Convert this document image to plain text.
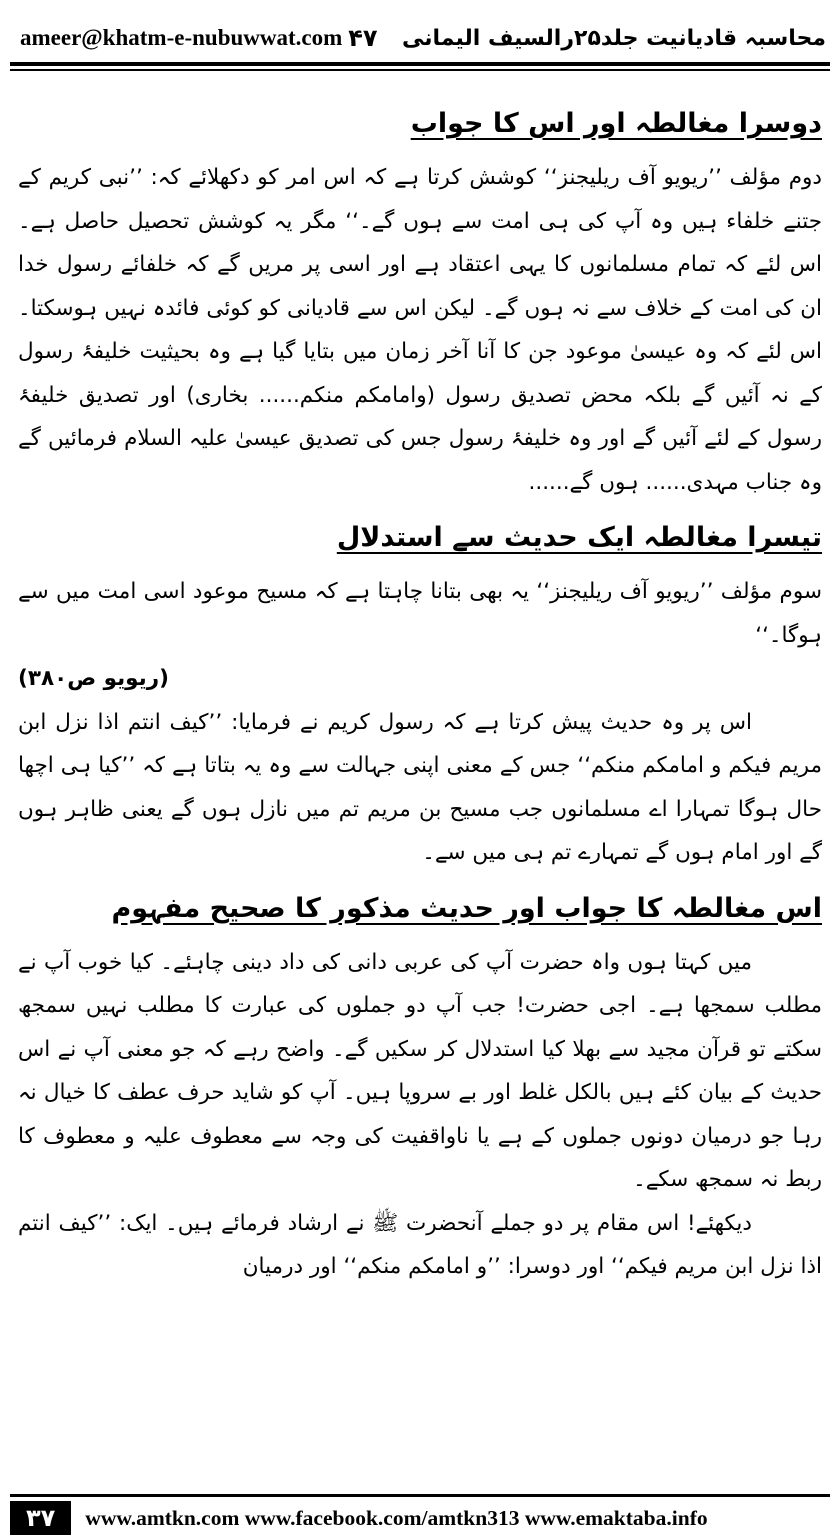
ameer@khatm-e-nubuwwat.com ۴۷ محاسبہ قادیانیت جلد۲۵رالسیف الیمانی
دوسرا مغالطہ اور اس کا جواب

دوم مؤلف ’’ریویو آف ریلیجنز‘‘ کوشش کرتا ہے کہ اس امر کو دکھلائے کہ: ’’نبی کریم کے جتنے خلفاء ہیں وہ آپ کی ہی امت سے ہوں گے۔‘‘ مگر یہ کوشش تحصیل حاصل ہے۔ اس لئے کہ تمام مسلمانوں کا یہی اعتقاد ہے اور اسی پر مریں گے کہ خلفائے رسول خدا ان کی امت کے خلاف سے نہ ہوں گے۔ لیکن اس سے قادیانی کو کوئی فائدہ نہیں ہوسکتا۔ اس لئے کہ وہ عیسیٰ موعود جن کا آنا آخر زمان میں بتایا گیا ہے وہ بحیثیت خلیفۂ رسول کے نہ آئیں گے بلکہ محض تصدیق رسول (وامامکم منکم...... بخاری) اور تصدیق خلیفۂ رسول کے لئے آئیں گے اور وہ خلیفۂ رسول جس کی تصدیق عیسیٰ علیہ السلام فرمائیں گے وہ جناب مہدی...... ہوں گے......

تیسرا مغالطہ ایک حدیث سے استدلال

سوم مؤلف ’’ریویو آف ریلیجنز‘‘ یہ بھی بتانا چاہتا ہے کہ مسیح موعود اسی امت میں سے ہوگا۔‘‘

(ریویو ص۳۸۰)

اس پر وہ حدیث پیش کرتا ہے کہ رسول کریم نے فرمایا: ’’کیف انتم اذا نزل ابن مریم فیکم و امامکم منکم‘‘ جس کے معنی اپنی جہالت سے وہ یہ بتاتا ہے کہ ’’کیا ہی اچھا حال ہوگا تمہارا اے مسلمانوں جب مسیح بن مریم تم میں نازل ہوں گے یعنی ظاہر ہوں گے اور امام ہوں گے تمہارے تم ہی میں سے۔

اس مغالطہ کا جواب اور حدیث مذکور کا صحیح مفہوم

میں کہتا ہوں واہ حضرت آپ کی عربی دانی کی داد دینی چاہئے۔ کیا خوب آپ نے مطلب سمجھا ہے۔ اجی حضرت! جب آپ دو جملوں کی عبارت کا مطلب نہیں سمجھ سکتے تو قرآن مجید سے بھلا کیا استدلال کر سکیں گے۔ واضح رہے کہ جو معنی آپ نے اس حدیث کے بیان کئے ہیں بالکل غلط اور بے سروپا ہیں۔ آپ کو شاید حرف عطف کا خیال نہ رہا جو درمیان دونوں جملوں کے ہے یا ناواقفیت کی وجہ سے معطوف علیہ و معطوف کا ربط نہ سمجھ سکے۔

دیکھئے! اس مقام پر دو جملے آنحضرت ﷺ نے ارشاد فرمائے ہیں۔ ایک: ’’کیف انتم اذا نزل ابن مریم فیکم‘‘ اور دوسرا: ’’و امامکم منکم‘‘ اور درمیان

۳۷	www.amtkn.com www.facebook.com/amtkn313 www.emaktaba.info
